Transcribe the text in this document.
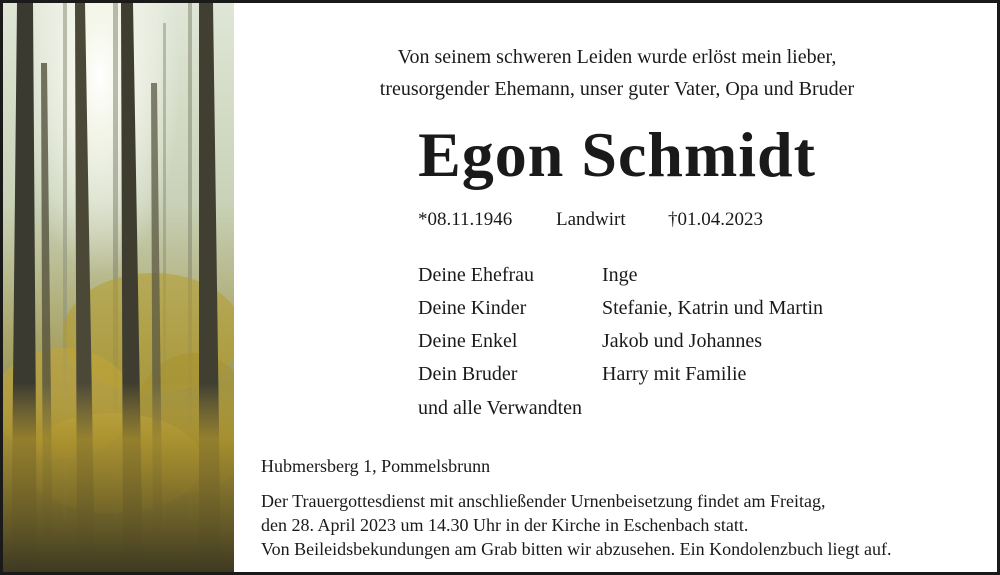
Von seinem schweren Leiden wurde erlöst mein lieber,
treusorgender Ehemann, unser guter Vater, Opa und Bruder
Egon Schmidt
*08.11.1946 Landwirt †01.04.2023
Deine Ehefrau	Inge
Deine Kinder	Stefanie, Katrin und Martin
Deine Enkel	Jakob und Johannes
Dein Bruder	Harry mit Familie
und alle Verwandten
Hubmersberg 1, Pommelsbrunn
Der Trauergottesdienst mit anschließender Urnenbeisetzung findet am Freitag,
den 28. April 2023 um 14.30 Uhr in der Kirche in Eschenbach statt.
Von Beileidsbekundungen am Grab bitten wir abzusehen. Ein Kondolenzbuch liegt auf.
